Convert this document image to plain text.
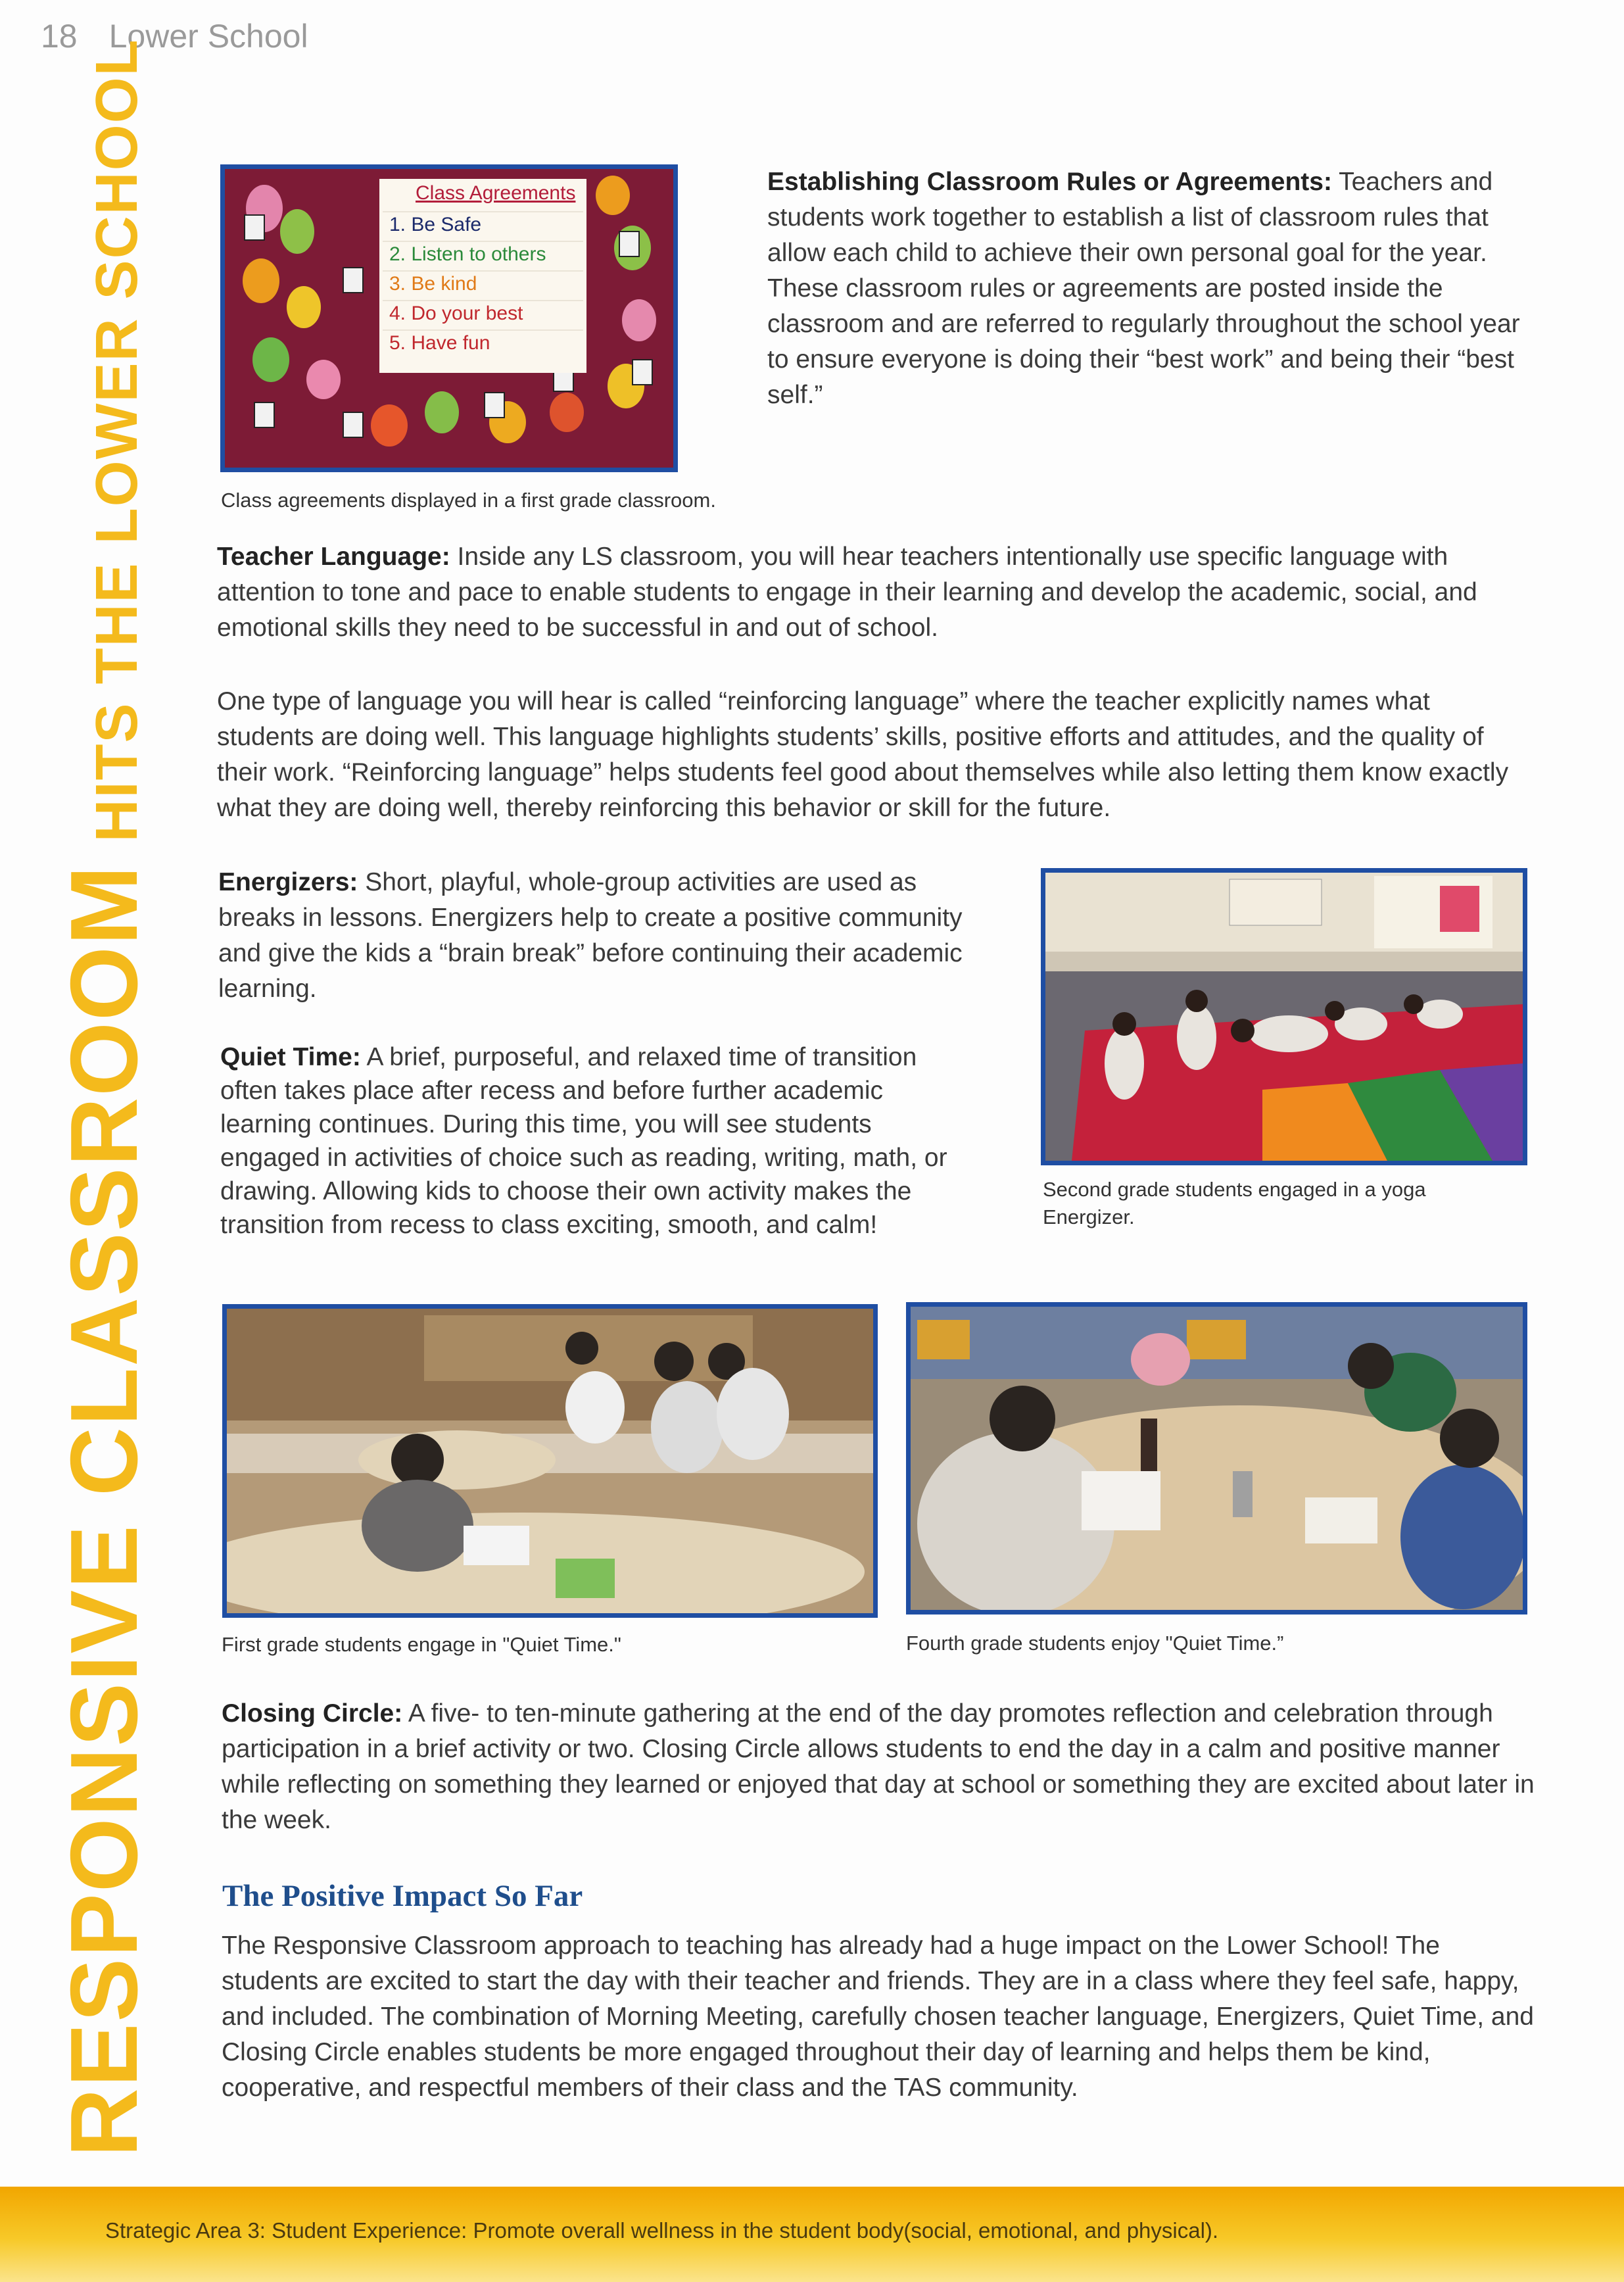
18 Lower School
RESPONSIVE CLASSROOMHITS THE LOWER SCHOOL	Class Agreements
1. Be Safe
2. Listen to others
3. Be kind
4. Do your best
5. Have fun
Class agreements displayed in a first grade classroom.
Establishing Classroom Rules or Agreements: Teachers and students work together to establish a list of classroom rules that allow each child to achieve their own personal goal for the year. These classroom rules or agreements are posted inside the classroom and are referred to regularly throughout the school year to ensure everyone is doing their “best work” and being their “best self.”
Teacher Language: Inside any LS classroom, you will hear teachers intentionally use specific language with attention to tone and pace to enable students to engage in their learning and develop the academic, social, and emotional skills they need to be successful in and out of school.
One type of language you will hear is called “reinforcing language” where the teacher explicitly names what students are doing well. This language highlights students’ skills, positive efforts and attitudes, and the quality of their work. “Reinforcing language” helps students feel good about themselves while also letting them know exactly what they are doing well, thereby reinforcing this behavior or skill for the future.
Energizers: Short, playful, whole-group activities are used as breaks in lessons. Energizers help to create a positive community and give the kids a “brain break” before continuing their academic learning.
Quiet Time: A brief, purposeful, and relaxed time of transition often takes place after recess and before further academic learning continues. During this time, you will see students engaged in activities of choice such as reading, writing, math, or drawing. Allowing kids to choose their own activity makes the transition from recess to class exciting, smooth, and calm!
Second grade students engaged in a yoga
Energizer.
First grade students engage in "Quiet Time."	Fourth grade students enjoy "Quiet Time.”
Closing Circle: A five- to ten-minute gathering at the end of the day promotes reflection and celebration through participation in a brief activity or two. Closing Circle allows students to end the day in a calm and positive manner while reflecting on something they learned or enjoyed that day at school or something they are excited about later in the week.
The Positive Impact So Far
The Responsive Classroom approach to teaching has already had a huge impact on the Lower School! The students are excited to start the day with their teacher and friends. They are in a class where they feel safe, happy, and included. The combination of Morning Meeting, carefully chosen teacher language, Energizers, Quiet Time, and Closing Circle enables students be more engaged throughout their day of learning and helps them be kind, cooperative, and respectful members of their class and the TAS community.
Strategic Area 3: Student Experience: Promote overall wellness in the student body(social, emotional, and physical).
